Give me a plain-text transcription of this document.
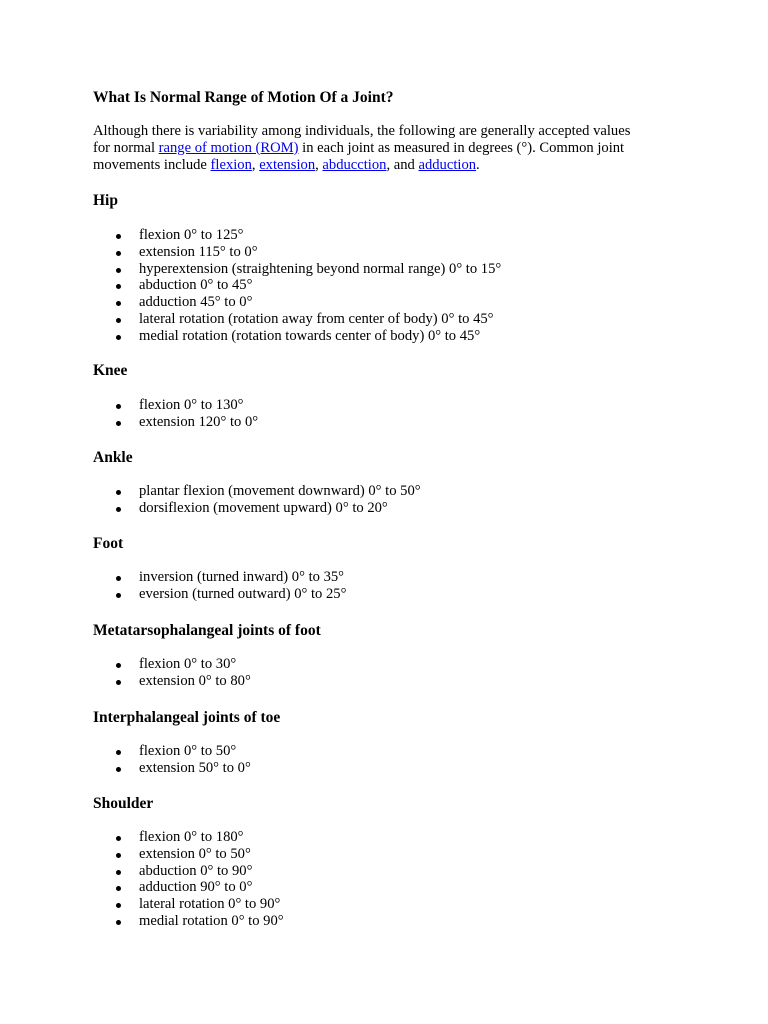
What Is Normal Range of Motion Of a Joint?

Although there is variability among individuals, the following are generally accepted values
for normal range of motion (ROM) in each joint as measured in degrees (°). Common joint
movements include flexion, extension, abducction, and adduction.

Hip
flexion 0° to 125°
extension 115° to 0°
hyperextension (straightening beyond normal range) 0° to 15°
abduction 0° to 45°
adduction 45° to 0°
lateral rotation (rotation away from center of body) 0° to 45°
medial rotation (rotation towards center of body) 0° to 45°
Knee
flexion 0° to 130°
extension 120° to 0°
Ankle
plantar flexion (movement downward) 0° to 50°
dorsiflexion (movement upward) 0° to 20°
Foot
inversion (turned inward) 0° to 35°
eversion (turned outward) 0° to 25°
Metatarsophalangeal joints of foot
flexion 0° to 30°
extension 0° to 80°
Interphalangeal joints of toe
flexion 0° to 50°
extension 50° to 0°
Shoulder
flexion 0° to 180°
extension 0° to 50°
abduction 0° to 90°
adduction 90° to 0°
lateral rotation 0° to 90°
medial rotation 0° to 90°
